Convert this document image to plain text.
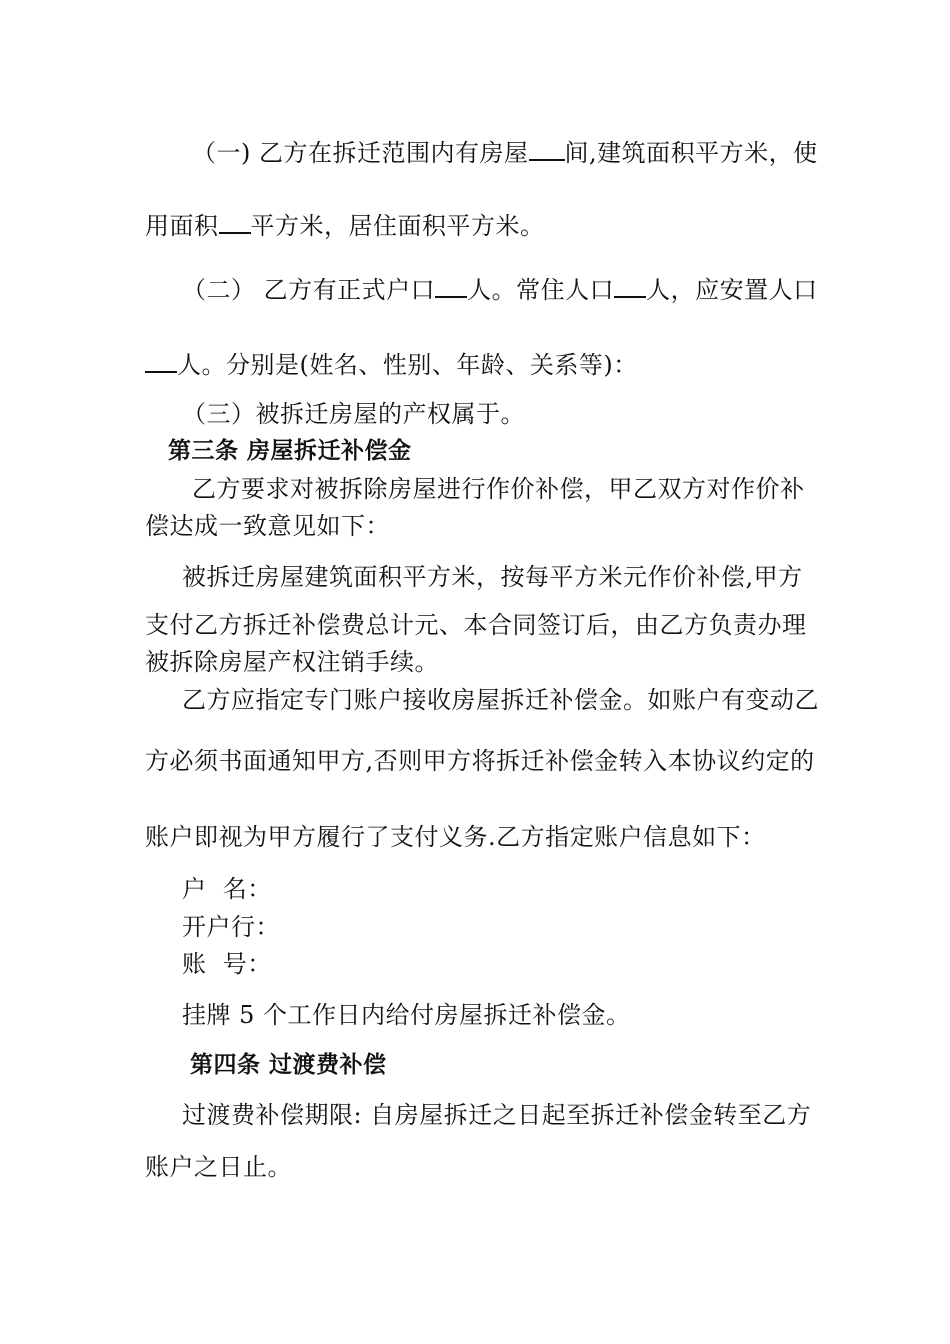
（一) 乙方在拆迁范围内有房屋 间,建筑面积平方米，使
用面积 平方米，居住面积平方米。
（二） 乙方有正式户口 人。常住人口 人，应安置人口
人。分别是(姓名、性别、年龄、关系等)：
（三）被拆迁房屋的产权属于。
第三条 房屋拆迁补偿金
乙方要求对被拆除房屋进行作价补偿，甲乙双方对作价补
偿达成一致意见如下：
被拆迁房屋建筑面积平方米，按每平方米元作价补偿,甲方
支付乙方拆迁补偿费总计元、本合同签订后，由乙方负责办理
被拆除房屋产权注销手续。
乙方应指定专门账户接收房屋拆迁补偿金。如账户有变动乙
方必须书面通知甲方,否则甲方将拆迁补偿金转入本协议约定的
账户即视为甲方履行了支付义务.乙方指定账户信息如下：
户  名：
开户行：
账  号：
挂牌 5 个工作日内给付房屋拆迁补偿金。
第四条 过渡费补偿
过渡费补偿期限: 自房屋拆迁之日起至拆迁补偿金转至乙方
账户之日止。
